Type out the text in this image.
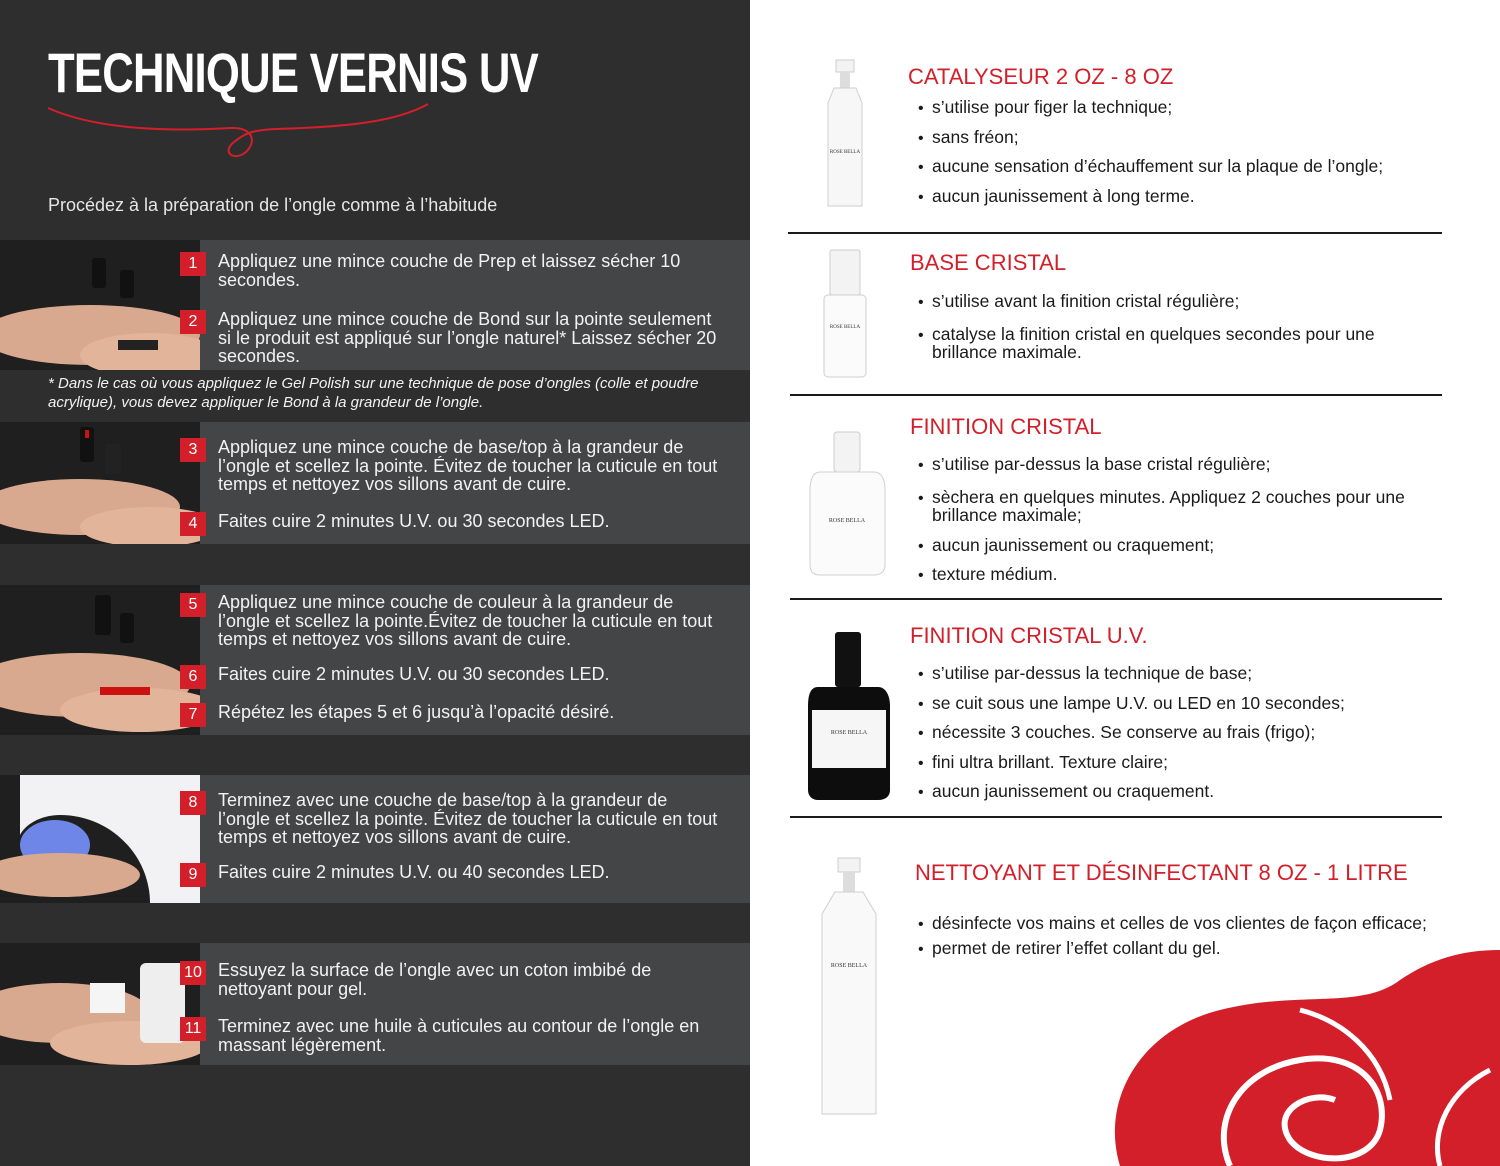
TECHNIQUE VERNIS UV
Procédez à la préparation de l’ongle comme à l’habitude
1	Appliquez une mince couche de Prep et laissez sécher 10 secondes.
2	Appliquez une mince couche de Bond sur la pointe seulement si le produit est appliqué sur l’ongle naturel* Laissez sécher 20 secondes.
* Dans le cas où vous appliquez le Gel Polish sur une technique de pose d’ongles (colle et poudre acrylique), vous devez appliquer le Bond à la grandeur de l’ongle.
3	Appliquez une mince couche de base/top à la grandeur de l’ongle et scellez la pointe. Évitez de toucher la cuticule en tout temps et nettoyez vos sillons avant de cuire.
4	Faites cuire 2 minutes U.V. ou 30 secondes LED.
5	Appliquez une mince couche de couleur à la grandeur de l’ongle et scellez la pointe.Évitez de toucher la cuticule en tout temps et nettoyez vos sillons avant de cuire.
6	Faites cuire 2 minutes U.V. ou 30 secondes LED.
7	Répétez les étapes 5 et 6 jusqu’à l’opacité désiré.
8	Terminez avec une couche de base/top à la grandeur de l’ongle et scellez la pointe. Évitez de toucher la cuticule en tout temps et nettoyez vos sillons avant de cuire.
9	Faites cuire 2 minutes U.V. ou 40 secondes LED.
10 Essuyez la surface de l’ongle avec un coton imbibé de nettoyant pour gel.
11 Terminez avec une huile à cuticules au contour de l’ongle en massant légèrement.
ROSE BELLA
CATALYSEUR 2 OZ - 8 OZ
• s’utilise pour figer la technique;
• sans fréon;
• aucune sensation d’échauffement sur la plaque de l’ongle;
• aucun jaunissement à long terme.
ROSE BELLA
BASE CRISTAL
• s’utilise avant la finition cristal régulière;
• catalyse la finition cristal en quelques secondes pour une brillance maximale.
ROSE BELLA
FINITION CRISTAL
• s’utilise par-dessus la base cristal régulière;
• sèchera en quelques minutes. Appliquez 2 couches pour une brillance maximale;
• aucun jaunissement ou craquement;
• texture médium.
ROSE BELLA
FINITION CRISTAL U.V.
• s’utilise par-dessus la technique de base;
• se cuit sous une lampe U.V. ou LED en 10 secondes;
• nécessite 3 couches. Se conserve au frais (frigo);
• fini ultra brillant. Texture claire;
• aucun jaunissement ou craquement.
ROSE BELLA
NETTOYANT ET DÉSINFECTANT 8 OZ - 1 LITRE
• désinfecte vos mains et celles de vos clientes de façon efficace;
• permet de retirer l’effet collant du gel.
